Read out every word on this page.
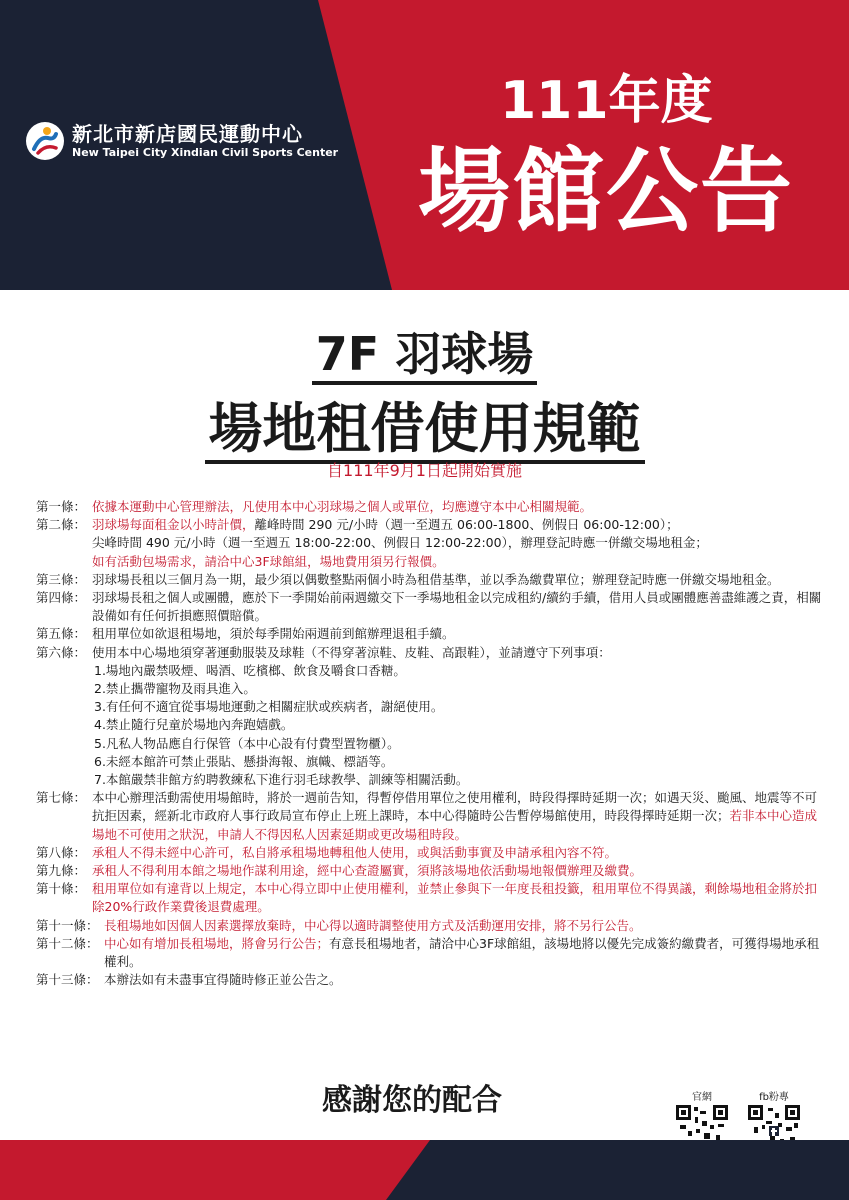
新北市新店國民運動中心
New Taipei City Xindian Civil Sports Center
111年度
場館公告
7F 羽球場
場地租借使用規範
自111年9月1日起開始實施
第一條： 依據本運動中心管理辦法，凡使用本中心羽球場之個人或單位，均應遵守本中心相關規範。
第二條： 羽球場每面租金以小時計價，離峰時間 290 元/小時（週一至週五 06:00-1800、例假日 06:00-12:00）；
尖峰時間 490 元/小時（週一至週五 18:00-22:00、例假日 12:00-22:00），辦理登記時應一併繳交場地租金；
如有活動包場需求，請洽中心3F球館組，場地費用須另行報價。
第三條： 羽球場長租以三個月為一期，最少須以偶數整點兩個小時為租借基準，並以季為繳費單位；辦理登記時應一併繳交場地租金。
第四條： 羽球場長租之個人或團體，應於下一季開始前兩週繳交下一季場地租金以完成租約/續約手續，借用人員或團體應善盡維護之責，相關設備如有任何折損應照價賠償。
第五條： 租用單位如欲退租場地，須於每季開始兩週前到館辦理退租手續。
第六條： 使用本中心場地須穿著運動服裝及球鞋（不得穿著涼鞋、皮鞋、高跟鞋），並請遵守下列事項：
1.場地內嚴禁吸煙、喝酒、吃檳榔、飲食及嚼食口香糖。
2.禁止攜帶寵物及雨具進入。
3.有任何不適宜從事場地運動之相關症狀或疾病者，謝絕使用。
4.禁止隨行兒童於場地內奔跑嬉戲。
5.凡私人物品應自行保管（本中心設有付費型置物櫃）。
6.未經本館許可禁止張貼、懸掛海報、旗幟、標語等。
7.本館嚴禁非館方約聘教練私下進行羽毛球教學、訓練等相關活動。
第七條： 本中心辦理活動需使用場館時，將於一週前告知，得暫停借用單位之使用權利，時段得擇時延期一次；如遇天災、颱風、地震等不可抗拒因素，經新北市政府人事行政局宣布停止上班上課時，本中心得隨時公告暫停場館使用，時段得擇時延期一次；若非本中心造成場地不可使用之狀況，申請人不得因私人因素延期或更改場租時段。
第八條： 承租人不得未經中心許可，私自將承租場地轉租他人使用，或與活動事實及申請承租內容不符。
第九條： 承租人不得利用本館之場地作謀利用途，經中心查證屬實，須將該場地依活動場地報價辦理及繳費。
第十條： 租用單位如有違背以上規定，本中心得立即中止使用權利，並禁止參與下一年度長租投籤，租用單位不得異議，剩餘場地租金將於扣除20%行政作業費後退費處理。
第十一條： 長租場地如因個人因素選擇放棄時，中心得以適時調整使用方式及活動運用安排，將不另行公告。
第十二條： 中心如有增加長租場地，將會另行公告；有意長租場地者，請洽中心3F球館組，該場地將以優先完成簽約繳費者，可獲得場地承租權利。
第十三條： 本辦法如有未盡事宜得隨時修正並公告之。
感謝您的配合	官網	fb粉專
